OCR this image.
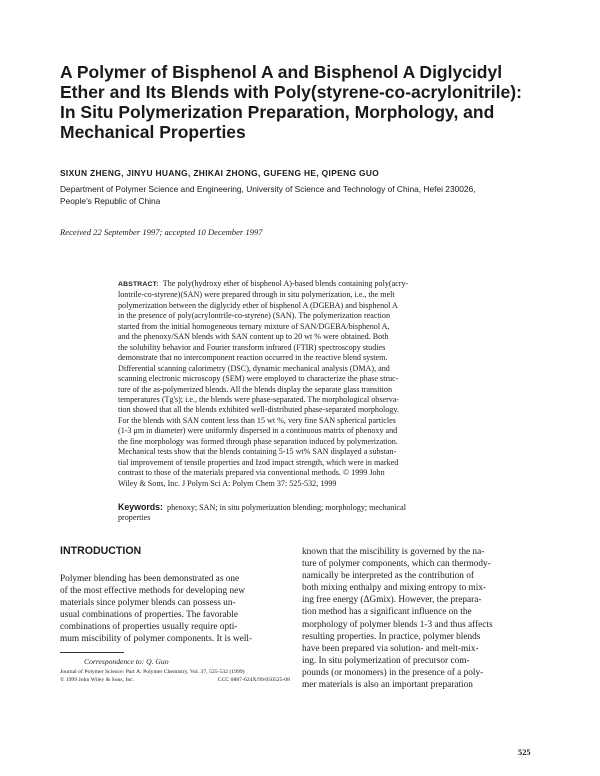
A Polymer of Bisphenol A and Bisphenol A Diglycidyl
Ether and Its Blends with Poly(styrene-co-acrylonitrile):
In Situ Polymerization Preparation, Morphology, and
Mechanical Properties
SIXUN ZHENG, JINYU HUANG, ZHIKAI ZHONG, GUFENG HE, QIPENG GUO
Department of Polymer Science and Engineering, University of Science and Technology of China, Hefei 230026,
People's Republic of China
Received 22 September 1997; accepted 10 December 1997
ABSTRACT: The poly(hydroxy ether of bisphenol A)-based blends containing poly(acry-
lontrile-co-styrene)(SAN) were prepared through in situ polymerization, i.e., the melt
polymerization between the diglycidy ether of bisphenol A (DGEBA) and bisphenol A
in the presence of poly(acrylontrile-co-styrene) (SAN). The polymerization reaction
started from the initial homogeneous ternary mixture of SAN/DGEBA/bisphenol A,
and the phenoxy/SAN blends with SAN content up to 20 wt % were obtained. Both
the solubility behavior and Fourier transform infrared (FTIR) spectroscopy studies
demonstrate that no intercomponent reaction occurred in the reactive blend system.
Differential scanning calorimetry (DSC), dynamic mechanical analysis (DMA), and
scanning electronic microscopy (SEM) were employed to characterize the phase struc-
ture of the as-polymerized blends. All the blends display the separate glass transition
temperatures (Tg's); i.e., the blends were phase-separated. The morphological observa-
tion showed that all the blends exhibited well-distributed phase-separated morphology.
For the blends with SAN content less than 15 wt %, very fine SAN spherical particles
(1-3 μm in diameter) were uniformly dispersed in a continuous matrix of phenoxy and
the fine morphology was formed through phase separation induced by polymerization.
Mechanical tests show that the blends containing 5-15 wt% SAN displayed a substan-
tial improvement of tensile properties and Izod impact strength, which were in marked
contrast to those of the materials prepared via conventional methods. © 1999 John
Wiley & Sons, Inc. J Polym Sci A: Polym Chem 37: 525-532, 1999
Keywords: phenoxy; SAN; in situ polymerization blending; morphology; mechanical
properties
INTRODUCTION
Polymer blending has been demonstrated as one
of the most effective methods for developing new
materials since polymer blends can possess un-
usual combinations of properties. The favorable
combinations of properties usually require opti-
mum miscibility of polymer components. It is well-
known that the miscibility is governed by the na-
ture of polymer components, which can thermody-
namically be interpreted as the contribution of
both mixing enthalpy and mixing entropy to mix-
ing free energy (ΔGmix). However, the prepara-
tion method has a significant influence on the
morphology of polymer blends 1-3 and thus affects
resulting properties. In practice, polymer blends
have been prepared via solution- and melt-mix-
ing. In situ polymerization of precursor com-
pounds (or monomers) in the presence of a poly-
mer materials is also an important preparation
Correspondence to: Q. Guo
Journal of Polymer Science: Part A: Polymer Chemistry, Vol. 37, 525-532 (1999)
© 1999 John Wiley & Sons, Inc.	CCC 0887-624X/99/050525-08
525
